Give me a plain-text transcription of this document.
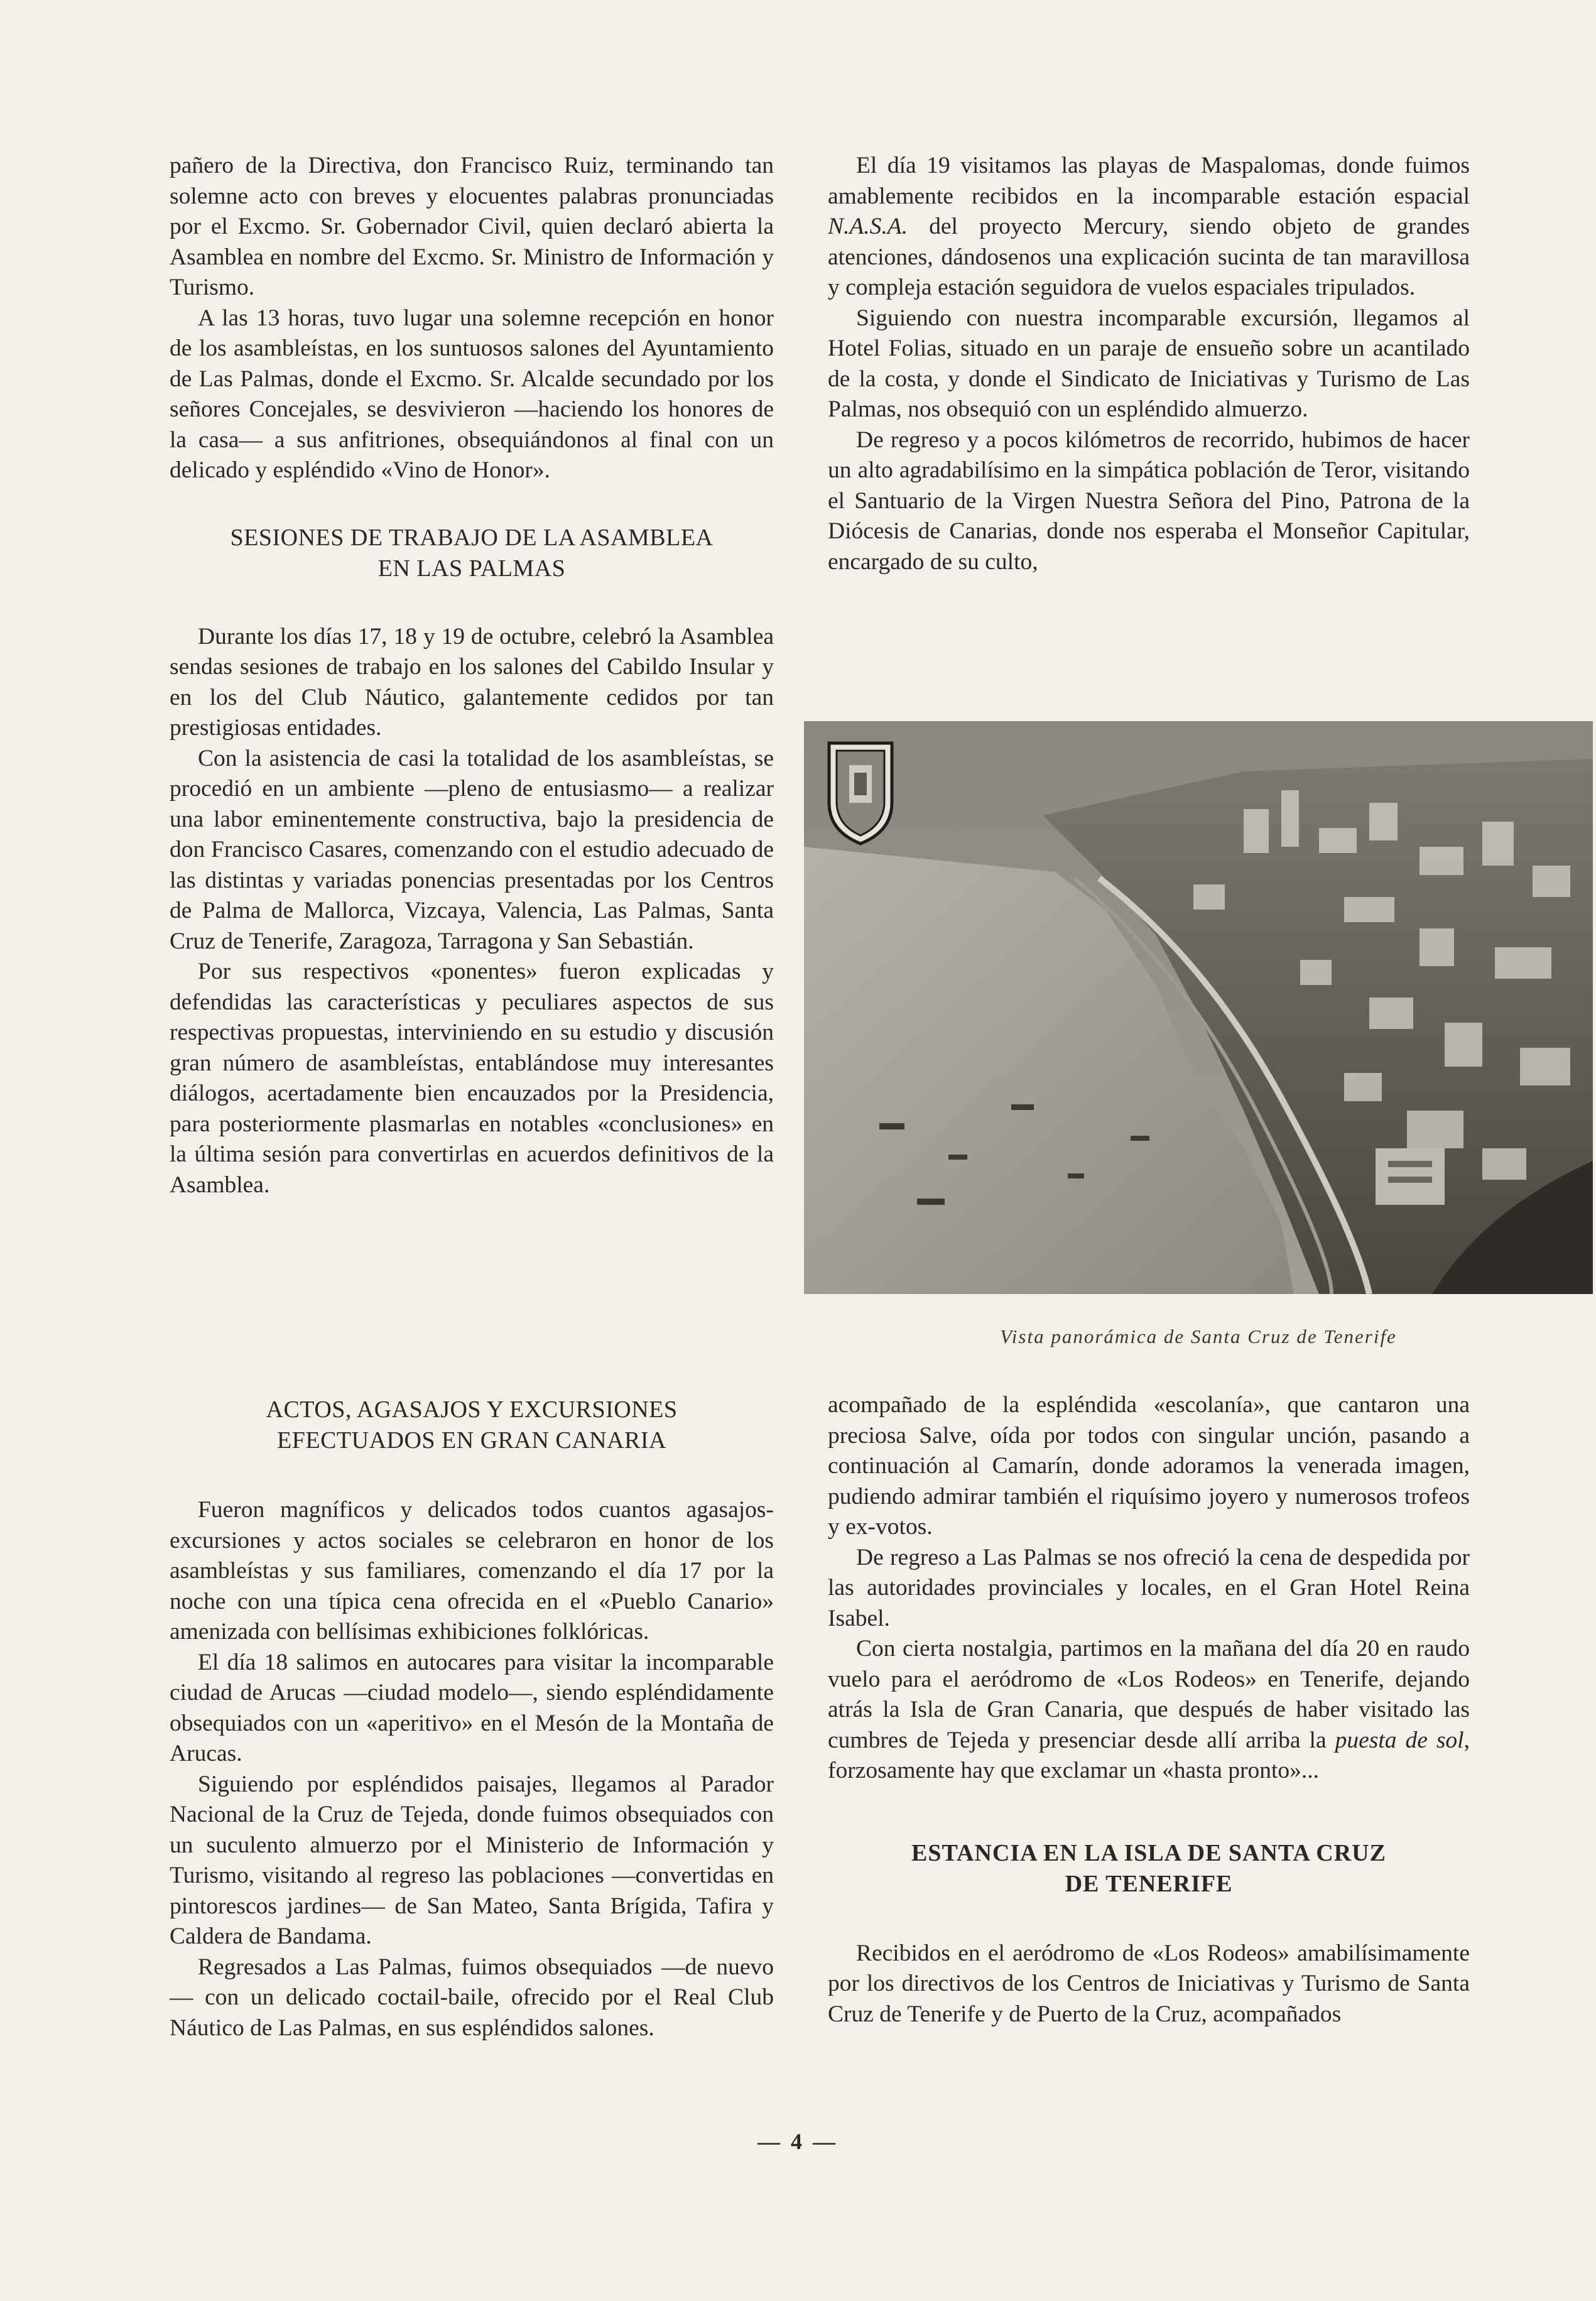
pañero de la Directiva, don Francisco Ruiz, terminando tan solemne acto con breves y elocuentes palabras pronunciadas por el Excmo. Sr. Gobernador Civil, quien declaró abierta la Asamblea en nombre del Excmo. Sr. Ministro de Información y Turismo.

A las 13 horas, tuvo lugar una solemne recepción en honor de los asambleístas, en los suntuosos salones del Ayuntamiento de Las Palmas, donde el Excmo. Sr. Alcalde secundado por los señores Concejales, se desvivieron —haciendo los honores de la casa— a sus anfitriones, obsequiándonos al final con un delicado y espléndido «Vino de Honor».

SESIONES DE TRABAJO DE LA ASAMBLEA
EN LAS PALMAS

Durante los días 17, 18 y 19 de octubre, celebró la Asamblea sendas sesiones de trabajo en los salones del Cabildo Insular y en los del Club Náutico, galantemente cedidos por tan prestigiosas entidades.

Con la asistencia de casi la totalidad de los asambleístas, se procedió en un ambiente —pleno de entusiasmo— a realizar una labor eminentemente constructiva, bajo la presidencia de don Francisco Casares, comenzando con el estudio adecuado de las distintas y variadas ponencias presentadas por los Centros de Palma de Mallorca, Vizcaya, Valencia, Las Palmas, Santa Cruz de Tenerife, Zaragoza, Tarragona y San Sebastián.

Por sus respectivos «ponentes» fueron explicadas y defendidas las características y peculiares aspectos de sus respectivas propuestas, interviniendo en su estudio y discusión gran número de asambleístas, entablándose muy interesantes diálogos, acertadamente bien encauzados por la Presidencia, para posteriormente plasmarlas en notables «conclusiones» en la última sesión para convertirlas en acuerdos definitivos de la Asamblea.

ACTOS, AGASAJOS Y EXCURSIONES
EFECTUADOS EN GRAN CANARIA

Fueron magníficos y delicados todos cuantos agasajos-excursiones y actos sociales se celebraron en honor de los asambleístas y sus familiares, comenzando el día 17 por la noche con una típica cena ofrecida en el «Pueblo Canario» amenizada con bellísimas exhibiciones folklóricas.

El día 18 salimos en autocares para visitar la incomparable ciudad de Arucas —ciudad modelo—, siendo espléndidamente obsequiados con un «aperitivo» en el Mesón de la Montaña de Arucas.

Siguiendo por espléndidos paisajes, llegamos al Parador Nacional de la Cruz de Tejeda, donde fuimos obsequiados con un suculento almuerzo por el Ministerio de Información y Turismo, visitando al regreso las poblaciones —convertidas en pintorescos jardines— de San Mateo, Santa Brígida, Tafira y Caldera de Bandama.

Regresados a Las Palmas, fuimos obsequiados —de nuevo— con un delicado coctail-baile, ofrecido por el Real Club Náutico de Las Palmas, en sus espléndidos salones.

El día 19 visitamos las playas de Maspalomas, donde fuimos amablemente recibidos en la incomparable estación espacial N.A.S.A. del proyecto Mercury, siendo objeto de grandes atenciones, dándosenos una explicación sucinta de tan maravillosa y compleja estación seguidora de vuelos espaciales tripulados.

Siguiendo con nuestra incomparable excursión, llegamos al Hotel Folias, situado en un paraje de ensueño sobre un acantilado de la costa, y donde el Sindicato de Iniciativas y Turismo de Las Palmas, nos obsequió con un espléndido almuerzo.

De regreso y a pocos kilómetros de recorrido, hubimos de hacer un alto agradabilísimo en la simpática población de Teror, visitando el Santuario de la Virgen Nuestra Señora del Pino, Patrona de la Diócesis de Canarias, donde nos esperaba el Monseñor Capitular, encargado de su culto,

Vista panorámica de Santa Cruz de Tenerife

acompañado de la espléndida «escolanía», que cantaron una preciosa Salve, oída por todos con singular unción, pasando a continuación al Camarín, donde adoramos la venerada imagen, pudiendo admirar también el riquísimo joyero y numerosos trofeos y ex-votos.

De regreso a Las Palmas se nos ofreció la cena de despedida por las autoridades provinciales y locales, en el Gran Hotel Reina Isabel.

Con cierta nostalgia, partimos en la mañana del día 20 en raudo vuelo para el aeródromo de «Los Rodeos» en Tenerife, dejando atrás la Isla de Gran Canaria, que después de haber visitado las cumbres de Tejeda y presenciar desde allí arriba la puesta de sol, forzosamente hay que exclamar un «hasta pronto»...

ESTANCIA EN LA ISLA DE SANTA CRUZ
DE TENERIFE

Recibidos en el aeródromo de «Los Rodeos» amabilísimamente por los directivos de los Centros de Iniciativas y Turismo de Santa Cruz de Tenerife y de Puerto de la Cruz, acompañados

— 4 —
